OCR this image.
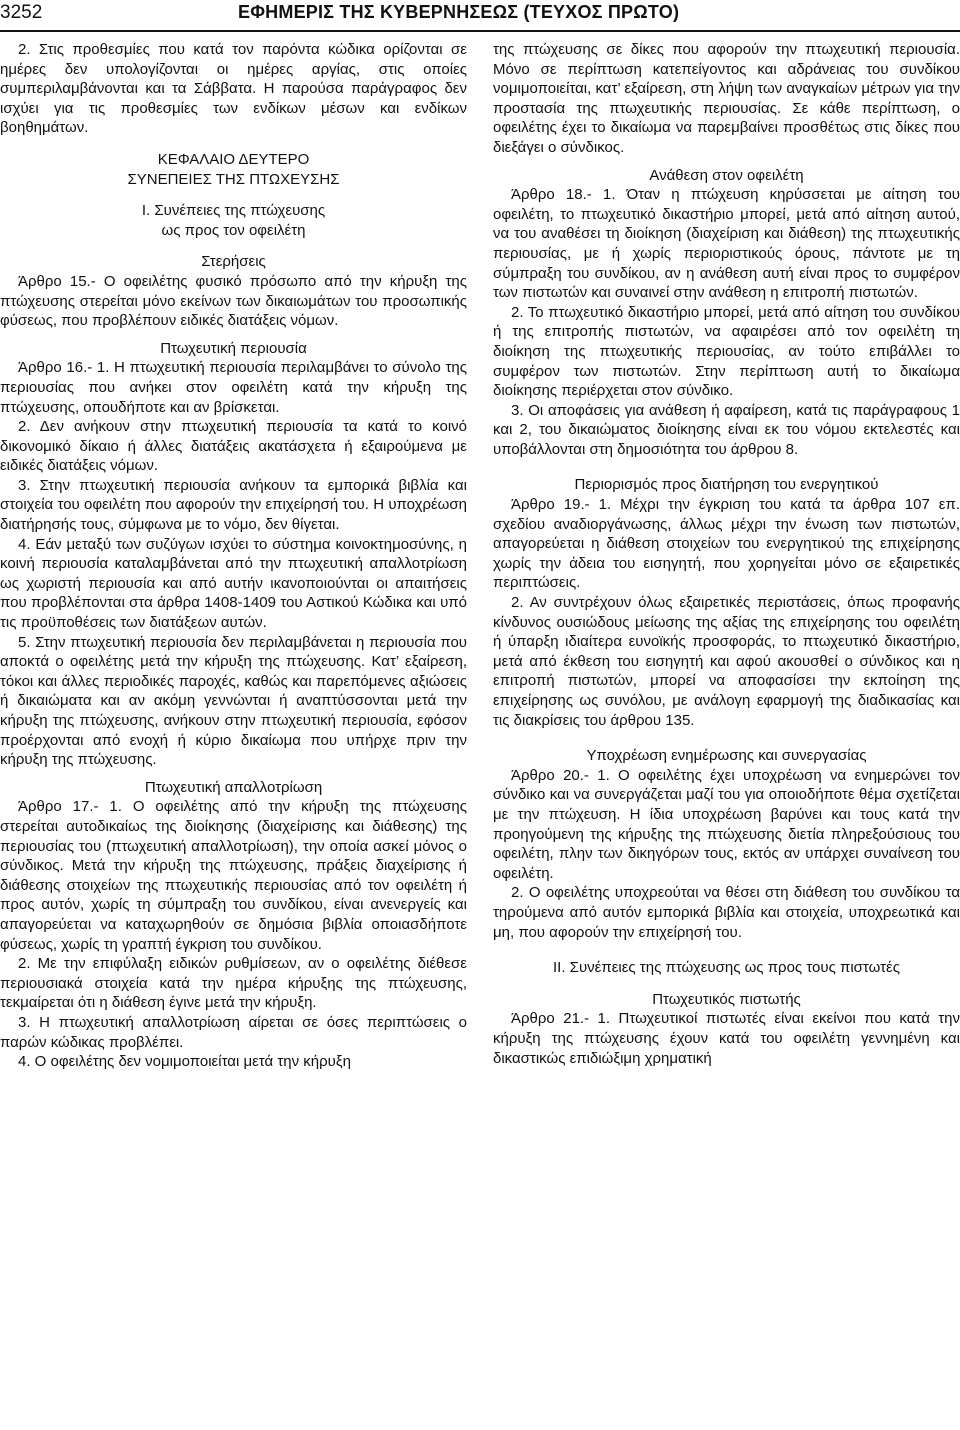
3252	ΕΦΗΜΕΡΙΣ ΤΗΣ ΚΥΒΕΡΝΗΣΕΩΣ (ΤΕΥΧΟΣ ΠΡΩΤΟ)

2. Στις προθεσμίες που κατά τον παρόντα κώδικα ορίζονται σε ημέρες δεν υπολογίζονται οι ημέρες αργίας, στις οποίες συμπεριλαμβάνονται και τα Σάββατα. Η παρούσα παράγραφος δεν ισχύει για τις προθεσμίες των ενδίκων μέσων και ενδίκων βοηθημάτων.

ΚΕΦΑΛΑΙΟ ΔΕΥΤΕΡΟ

ΣΥΝΕΠΕΙΕΣ ΤΗΣ ΠΤΩΧΕΥΣΗΣ

Ι. Συνέπειες της πτώχευσης

ως προς τον οφειλέτη

Στερήσεις

Άρθρο 15.- Ο οφειλέτης φυσικό πρόσωπο από την κήρυξη της πτώχευσης στερείται μόνο εκείνων των δικαιωμάτων του προσωπικής φύσεως, που προβλέπουν ειδικές διατάξεις νόμων.

Πτωχευτική περιουσία

Άρθρο 16.- 1. Η πτωχευτική περιουσία περιλαμβάνει το σύνολο της περιουσίας που ανήκει στον οφειλέτη κατά την κήρυξη της πτώχευσης, οπουδήποτε και αν βρίσκεται.

2. Δεν ανήκουν στην πτωχευτική περιουσία τα κατά το κοινό δικονομικό δίκαιο ή άλλες διατάξεις ακατάσχετα ή εξαιρούμενα με ειδικές διατάξεις νόμων.

3. Στην πτωχευτική περιουσία ανήκουν τα εμπορικά βιβλία και στοιχεία του οφειλέτη που αφορούν την επιχείρησή του. Η υποχρέωση διατήρησής τους, σύμφωνα με το νόμο, δεν θίγεται.

4. Εάν μεταξύ των συζύγων ισχύει το σύστημα κοινοκτημοσύνης, η κοινή περιουσία καταλαμβάνεται από την πτωχευτική απαλλοτρίωση ως χωριστή περιουσία και από αυτήν ικανοποιούνται οι απαιτήσεις που προβλέπονται στα άρθρα 1408-1409 του Αστικού Κώδικα και υπό τις προϋποθέσεις των διατάξεων αυτών.

5. Στην πτωχευτική περιουσία δεν περιλαμβάνεται η περιουσία που αποκτά ο οφειλέτης μετά την κήρυξη της πτώχευσης. Κατ’ εξαίρεση, τόκοι και άλλες περιοδικές παροχές, καθώς και παρεπόμενες αξιώσεις ή δικαιώματα και αν ακόμη γεννώνται ή αναπτύσσονται μετά την κήρυξη της πτώχευσης, ανήκουν στην πτωχευτική περιουσία, εφόσον προέρχονται από ενοχή ή κύριο δικαίωμα που υπήρχε πριν την κήρυξη της πτώχευσης.

Πτωχευτική απαλλοτρίωση

Άρθρο 17.- 1. Ο οφειλέτης από την κήρυξη της πτώχευσης στερείται αυτοδικαίως της διοίκησης (διαχείρισης και διάθεσης) της περιουσίας του (πτωχευτική απαλλοτρίωση), την οποία ασκεί μόνος ο σύνδικος. Μετά την κήρυξη της πτώχευσης, πράξεις διαχείρισης ή διάθεσης στοιχείων της πτωχευτικής περιουσίας από τον οφειλέτη ή προς αυτόν, χωρίς τη σύμπραξη του συνδίκου, είναι ανενεργείς και απαγορεύεται να καταχωρηθούν σε δημόσια βιβλία οποιασδήποτε φύσεως, χωρίς τη γραπτή έγκριση του συνδίκου.

2. Με την επιφύλαξη ειδικών ρυθμίσεων, αν ο οφειλέτης διέθεσε περιουσιακά στοιχεία κατά την ημέρα κήρυξης της πτώχευσης, τεκμαίρεται ότι η διάθεση έγινε μετά την κήρυξη.

3. Η πτωχευτική απαλλοτρίωση αίρεται σε όσες περιπτώσεις ο παρών κώδικας προβλέπει.

4. Ο οφειλέτης δεν νομιμοποιείται μετά την κήρυξη

της πτώχευσης σε δίκες που αφορούν την πτωχευτική περιουσία. Μόνο σε περίπτωση κατεπείγοντος και αδράνειας του συνδίκου νομιμοποιείται, κατ’ εξαίρεση, στη λήψη των αναγκαίων μέτρων για την προστασία της πτωχευτικής περιουσίας. Σε κάθε περίπτωση, ο οφειλέτης έχει το δικαίωμα να παρεμβαίνει προσθέτως στις δίκες που διεξάγει ο σύνδικος.

Ανάθεση στον οφειλέτη

Άρθρο 18.- 1. Όταν η πτώχευση κηρύσσεται με αίτηση του οφειλέτη, το πτωχευτικό δικαστήριο μπορεί, μετά από αίτηση αυτού, να του αναθέσει τη διοίκηση (διαχείριση και διάθεση) της πτωχευτικής περιουσίας, με ή χωρίς περιοριστικούς όρους, πάντοτε με τη σύμπραξη του συνδίκου, αν η ανάθεση αυτή είναι προς το συμφέρον των πιστωτών και συναινεί στην ανάθεση η επιτροπή πιστωτών.

2. Το πτωχευτικό δικαστήριο μπορεί, μετά από αίτηση του συνδίκου ή της επιτροπής πιστωτών, να αφαιρέσει από τον οφειλέτη τη διοίκηση της πτωχευτικής περιουσίας, αν τούτο επιβάλλει το συμφέρον των πιστωτών. Στην περίπτωση αυτή το δικαίωμα διοίκησης περιέρχεται στον σύνδικο.

3. Οι αποφάσεις για ανάθεση ή αφαίρεση, κατά τις παράγραφους 1 και 2, του δικαιώματος διοίκησης είναι εκ του νόμου εκτελεστές και υποβάλλονται στη δημοσιότητα του άρθρου 8.

Περιορισμός προς διατήρηση του ενεργητικού

Άρθρο 19.- 1. Μέχρι την έγκριση του κατά τα άρθρα 107 επ. σχεδίου αναδιοργάνωσης, άλλως μέχρι την ένωση των πιστωτών, απαγορεύεται η διάθεση στοιχείων του ενεργητικού της επιχείρησης χωρίς την άδεια του εισηγητή, που χορηγείται μόνο σε εξαιρετικές περιπτώσεις.

2. Αν συντρέχουν όλως εξαιρετικές περιστάσεις, όπως προφανής κίνδυνος ουσιώδους μείωσης της αξίας της επιχείρησης του οφειλέτη ή ύπαρξη ιδιαίτερα ευνοϊκής προσφοράς, το πτωχευτικό δικαστήριο, μετά από έκθεση του εισηγητή και αφού ακουσθεί ο σύνδικος και η επιτροπή πιστωτών, μπορεί να αποφασίσει την εκποίηση της επιχείρησης ως συνόλου, με ανάλογη εφαρμογή της διαδικασίας και τις διακρίσεις του άρθρου 135.

Υποχρέωση ενημέρωσης και συνεργασίας

Άρθρο 20.- 1. Ο οφειλέτης έχει υποχρέωση να ενημερώνει τον σύνδικο και να συνεργάζεται μαζί του για οποιοδήποτε θέμα σχετίζεται με την πτώχευση. Η ίδια υποχρέωση βαρύνει και τους κατά την προηγούμενη της κήρυξης της πτώχευσης διετία πληρεξούσιους του οφειλέτη, πλην των δικηγόρων τους, εκτός αν υπάρχει συναίνεση του οφειλέτη.

2. Ο οφειλέτης υποχρεούται να θέσει στη διάθεση του συνδίκου τα τηρούμενα από αυτόν εμπορικά βιβλία και στοιχεία, υποχρεωτικά και μη, που αφορούν την επιχείρησή του.

ΙΙ. Συνέπειες της πτώχευσης ως προς τους πιστωτές

Πτωχευτικός πιστωτής

Άρθρο 21.- 1. Πτωχευτικοί πιστωτές είναι εκείνοι που κατά την κήρυξη της πτώχευσης έχουν κατά του οφειλέτη γεννημένη και δικαστικώς επιδιώξιμη χρηματική
